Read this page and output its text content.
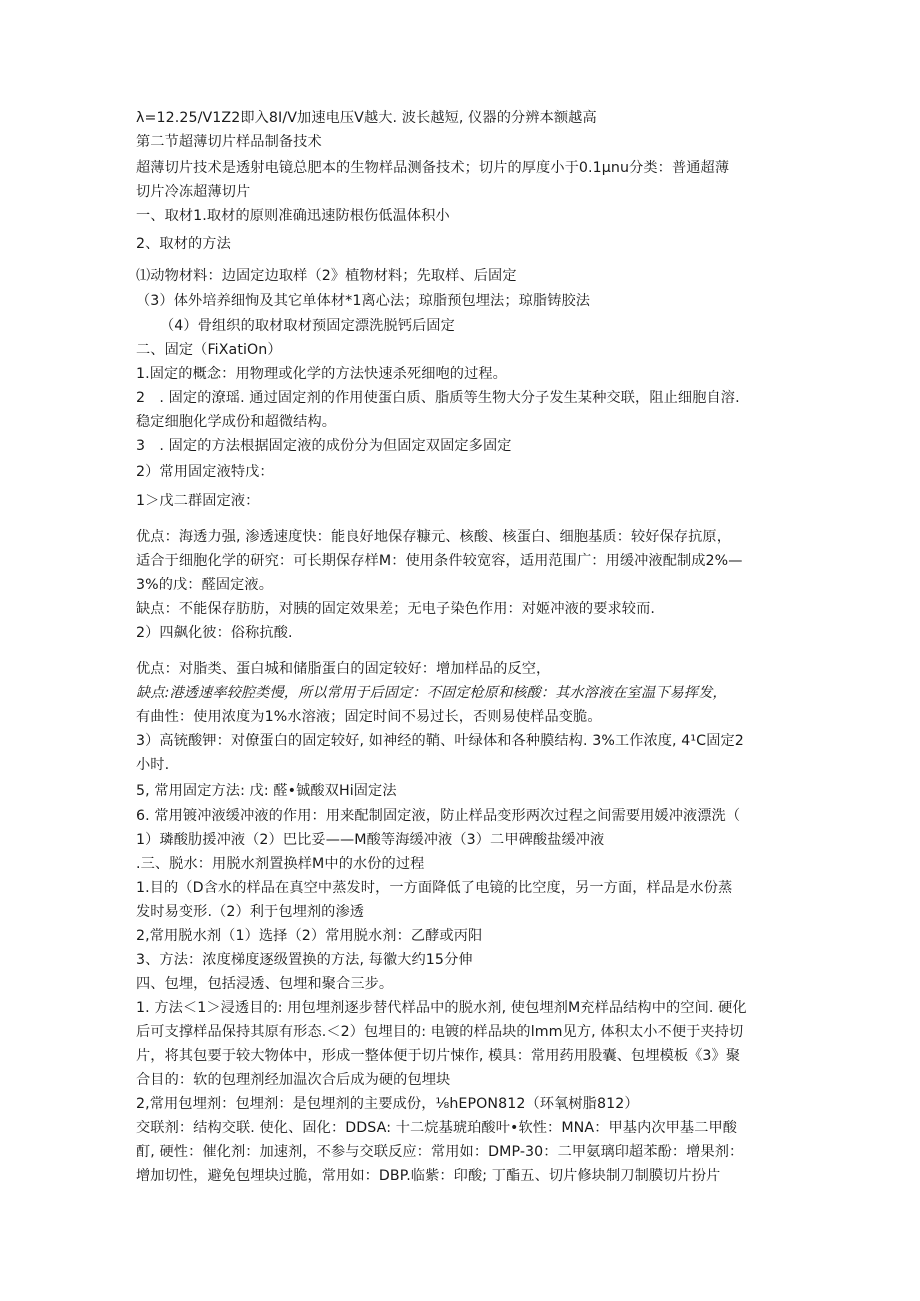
λ=12.25/V1Z2即入8I/V加速电压V越大. 波长越短, 仪器的分辨本额越高
第二节超薄切片样品制备技术
超薄切片技术是透射电镜总肥本的生物样品测备技术；切片的厚度小于0.1μnu分类：普通超薄
切片冷冻超薄切片
一、取材1.取材的原则准确迅速防根伤低温体积小
2、取材的方法
⑴动物材料：边固定边取样（2》植物材料；先取样、后固定
（3）体外培养细恂及其它单体材*1离心法；琼脂预包埋法；琼脂铸胶法
（4）骨组织的取材取材预固定漂洗脱钙后固定
二、固定（FiXatiOn）
1.固定的概念：用物理或化学的方法快速杀死细咆的过程。
2　. 固定的潦瑶. 通过固定剂的作用使蛋白质、脂质等生物大分子发生某种交联，阻止细胞自溶.
稳定细胞化学成份和超微结构。
3　. 固定的方法根据固定液的成份分为但固定双固定多固定
2）常用固定液特戊：
1＞戊二群固定液：
优点：海透力强, 渗透速度快：能良好地保存糠元、核酸、核蛋白、细胞基质：较好保存抗原，
适合于细胞化学的研究：可长期保存样M：使用条件较宽容，适用范围广：用缓冲液配制成2%—
3%的戊：醛固定液。
缺点：不能保存肪肪，对胰的固定效果差；无电子染色作用：对姬冲液的要求较而.
2）四飙化彼：俗称抗酸.
优点：对脂类、蛋白城和储脂蛋白的固定较好：增加样品的反空，
缺点:港透速率较腔类慢，所以常用于后固定：不固定枪原和核酸：其水溶液在室温下易挥发，
有曲性：使用浓度为1%水溶液；固定时间不易过长，否则易使样品变脆。
3）高铳酸钾：对僚蛋白的固定较好, 如神经的鞘、叶绿体和各种膜结构. 3%工作浓度, 4¹C固定2
小时.
5, 常用固定方法: 戊: 醛•铖酸双Hi固定法
6. 常用镀冲液缓冲液的作用：用来配制固定液，防止样品变形两次过程之间需要用媛冲液漂洗（
1）璘酸肋援冲液（2）巴比妥——M酸等海缓冲液（3）二甲碑酸盐缓冲液
.三、脱水：用脱水剂置换样M中的水份的过程
1.目的（D含水的样品在真空中蒸发时，一方面降低了电镜的比空度，另一方面，样品是水份蒸
发时易变形.（2）利于包埋剂的渗透
2,常用脱水剂（1）选择（2）常用脱水剂：乙酵或丙阳
3、方法：浓度梯度逐级置换的方法, 每徽大约15分伸
四、包埋，包括浸透、包埋和聚合三步。
1. 方法＜1＞浸透目的: 用包埋剂逐步替代样品中的脱水剂, 使包埋剂M充样品结构中的空间. 硬化
后可支撑样品保持其原有形态.＜2）包埋目的: 电镀的样品块的lmm见方, 体积太小不便于夹持切
片，将其包要于较大物体中，形成一整体便于切片悚作, 模具：常用药用股囊、包埋模板《3》聚
合目的：软的包理剂经加温次合后成为硬的包埋块
2,常用包埋剂：包埋剂：是包埋剂的主要成份，⅛hEPON812（环氧树脂812）
交联剂：结构交联. 使化、固化：DDSA: 十二烷基琥珀酸叶•软性：MNA：甲基内次甲基二甲酸
酊, 硬性：催化剂：加速剂，不参与交联反应：常用如：DMP-30：二甲氨璃印超苯酚：增果剂：
增加切性，避免包埋块过脆，常用如：DBP.临紫：印酸; 丁酯五、切片修块制刀制膜切片扮片
